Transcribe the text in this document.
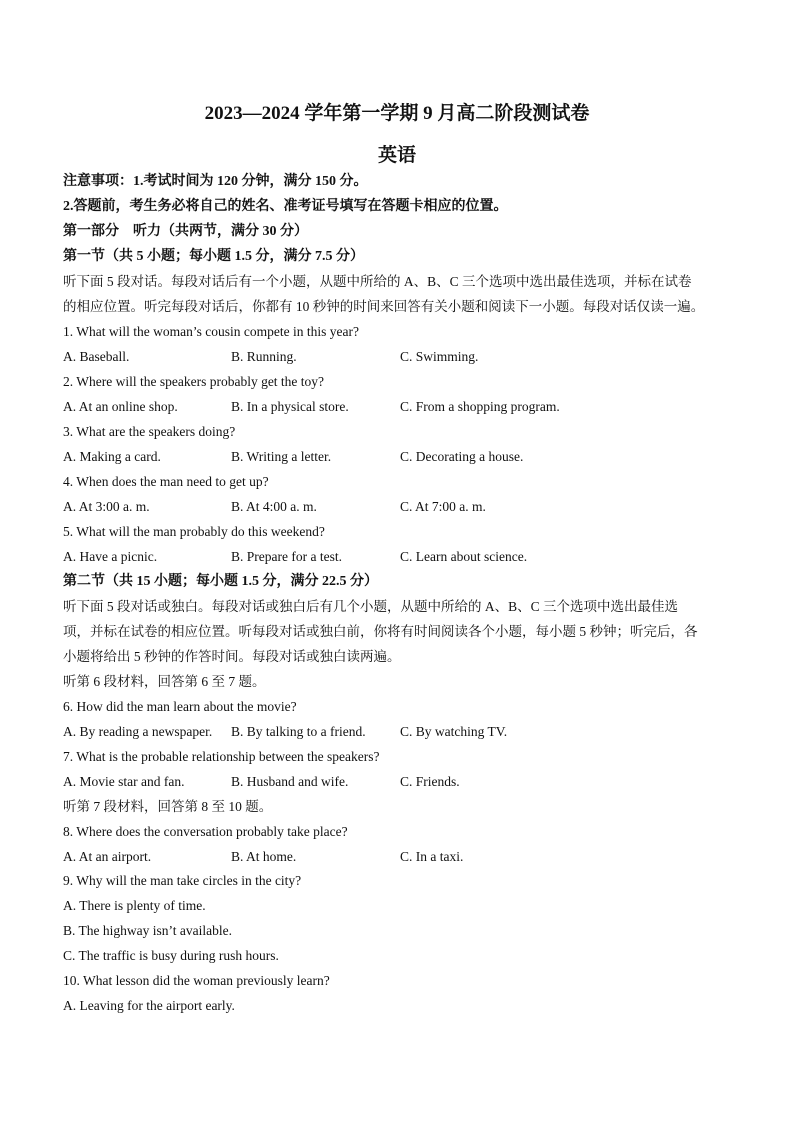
2023—2024 学年第一学期 9 月高二阶段测试卷
英语
注意事项：1.考试时间为 120 分钟，满分 150 分。
2.答题前，考生务必将自己的姓名、准考证号填写在答题卡相应的位置。
第一部分　听力（共两节，满分 30 分）
第一节（共 5 小题；每小题 1.5 分，满分 7.5 分）
听下面 5 段对话。每段对话后有一个小题，从题中所给的 A、B、C 三个选项中选出最佳选项，并标在试卷
的相应位置。听完每段对话后，你都有 10 秒钟的时间来回答有关小题和阅读下一小题。每段对话仅读一遍。
1. What will the woman’s cousin compete in this year?
A. Baseball.	B. Running.	C. Swimming.
2. Where will the speakers probably get the toy?
A. At an online shop.	B. In a physical store.	C. From a shopping program.
3. What are the speakers doing?
A. Making a card.	B. Writing a letter.	C. Decorating a house.
4. When does the man need to get up?
A. At 3:00 a. m.	B. At 4:00 a. m.	C. At 7:00 a. m.
5. What will the man probably do this weekend?
A. Have a picnic.	B. Prepare for a test.	C. Learn about science.
第二节（共 15 小题；每小题 1.5 分，满分 22.5 分）
听下面 5 段对话或独白。每段对话或独白后有几个小题，从题中所给的 A、B、C 三个选项中选出最佳选
项，并标在试卷的相应位置。听每段对话或独白前，你将有时间阅读各个小题，每小题 5 秒钟；听完后，各
小题将给出 5 秒钟的作答时间。每段对话或独白读两遍。
听第 6 段材料，回答第 6 至 7 题。
6. How did the man learn about the movie?
A. By reading a newspaper. B. By talking to a friend.	C. By watching TV.
7. What is the probable relationship between the speakers?
A. Movie star and fan.	B. Husband and wife.	C. Friends.
听第 7 段材料，回答第 8 至 10 题。
8. Where does the conversation probably take place?
A. At an airport.	B. At home.	C. In a taxi.
9. Why will the man take circles in the city?
A. There is plenty of time.
B. The highway isn’t available.
C. The traffic is busy during rush hours.
10. What lesson did the woman previously learn?
A. Leaving for the airport early.
